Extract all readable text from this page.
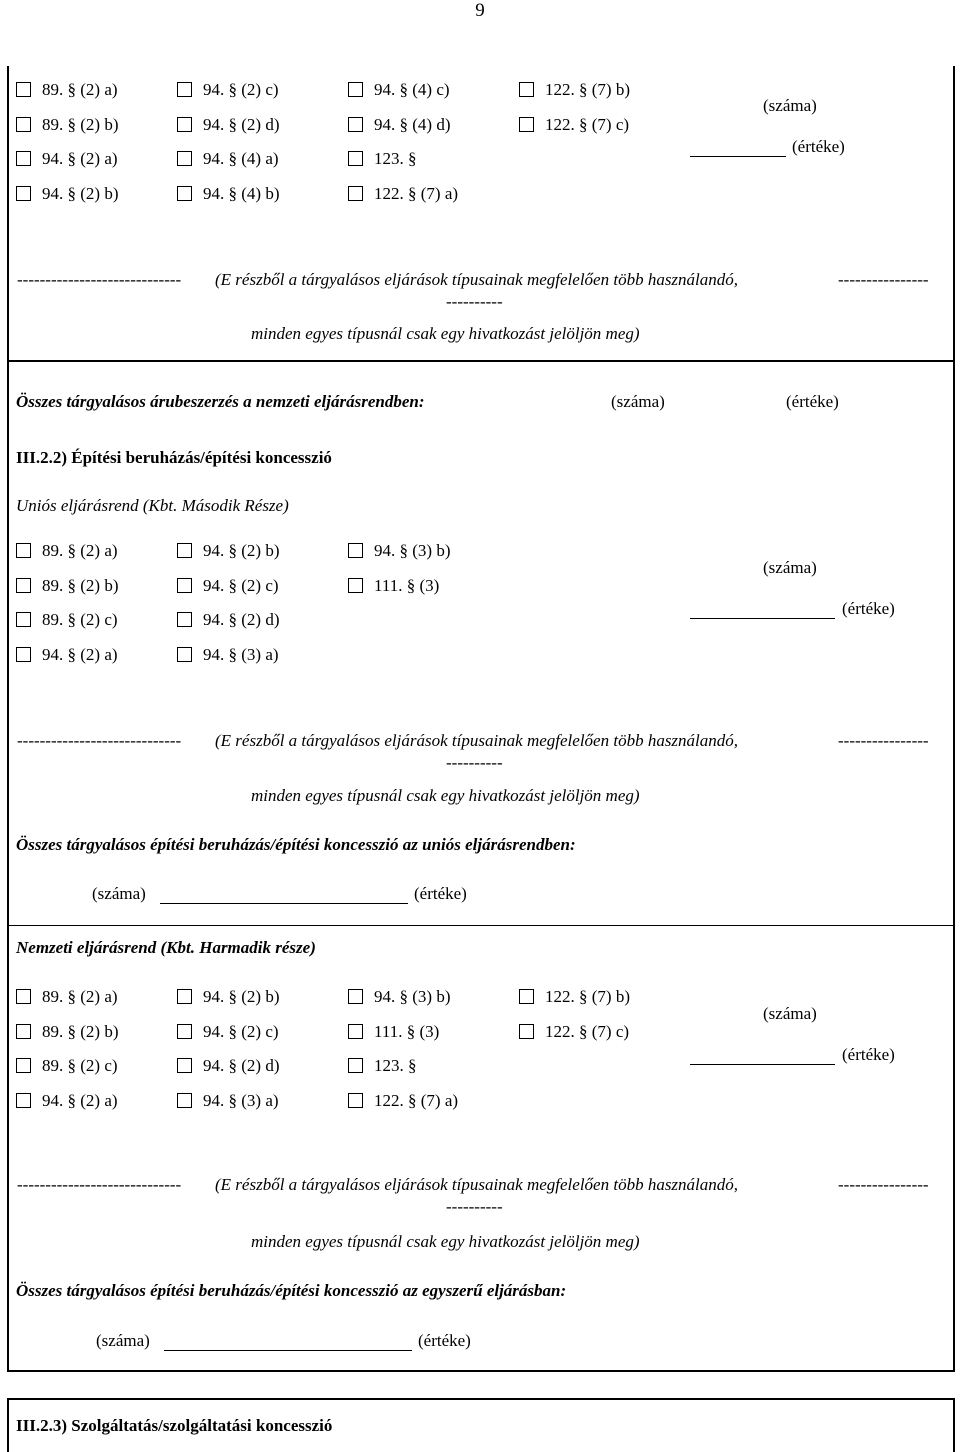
9
(száma)
(értéke)
----------------------------- (E részből a tárgyalásos eljárások típusainak megfelelően több használandó,	----------------
----------
minden egyes típusnál csak egy hivatkozást jelöljön meg)
Összes tárgyalásos árubeszerzés a nemzeti eljárásrendben:	(száma)	(értéke)
III.2.2) Építési beruházás/építési koncesszió
Uniós eljárásrend (Kbt. Második Része)
(száma)
(értéke)
----------------------------- (E részből a tárgyalásos eljárások típusainak megfelelően több használandó,	----------------
----------
minden egyes típusnál csak egy hivatkozást jelöljön meg)
Összes tárgyalásos építési beruházás/építési koncesszió az uniós eljárásrendben:
(száma)	(értéke)
Nemzeti eljárásrend (Kbt. Harmadik része)
(száma)
(értéke)
----------------------------- (E részből a tárgyalásos eljárások típusainak megfelelően több használandó,	----------------
----------
minden egyes típusnál csak egy hivatkozást jelöljön meg)
Összes tárgyalásos építési beruházás/építési koncesszió az egyszerű eljárásban:
(száma)	(értéke)
III.2.3) Szolgáltatás/szolgáltatási koncesszió
89. § (2) a)	94. § (2) c)	94. § (4) c)	122. § (7) b)
89. § (2) b)	94. § (2) d)	94. § (4) d)	122. § (7) c)
94. § (2) a)	94. § (4) a)	123. §
94. § (2) b)	94. § (4) b)	122. § (7) a)
89. § (2) a)	94. § (2) b)	94. § (3) b)
89. § (2) b)	94. § (2) c)	111. § (3)
89. § (2) c)	94. § (2) d)
94. § (2) a)	94. § (3) a)
89. § (2) a)	94. § (2) b)	94. § (3) b)	122. § (7) b)
89. § (2) b)	94. § (2) c)	111. § (3)	122. § (7) c)
89. § (2) c)	94. § (2) d)	123. §
94. § (2) a)	94. § (3) a)	122. § (7) a)
